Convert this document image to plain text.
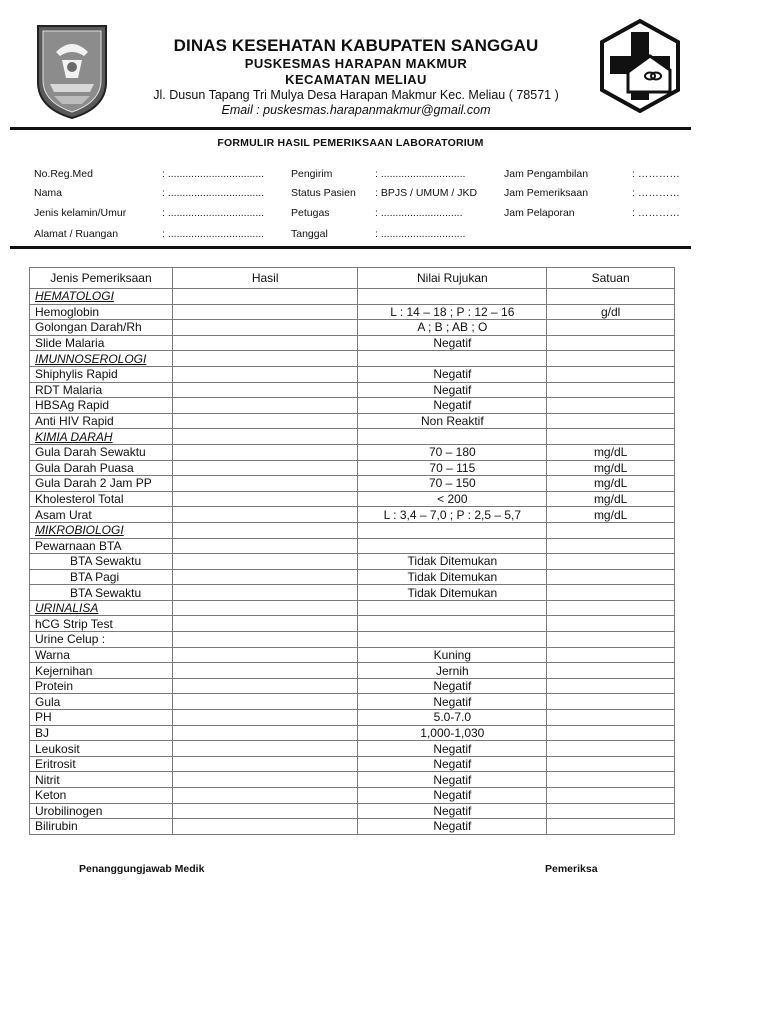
DINAS KESEHATAN KABUPATEN SANGGAU
PUSKESMAS HARAPAN MAKMUR
KECAMATAN MELIAU
Jl. Dusun Tapang Tri Mulya Desa Harapan Makmur Kec. Meliau ( 78571 )
Email : puskesmas.harapanmakmur@gmail.com
FORMULIR HASIL PEMERIKSAAN LABORATORIUM
No.Reg.Med	: .................................	Pengirim	: .............................	Jam Pengambilan	: …………
Nama	: .................................	Status Pasien : BPJS / UMUM / JKD	Jam Pemeriksaan	: …………
Jenis kelamin/Umur	: .................................	Petugas	: ............................	Jam Pelaporan	: …………
Alamat / Ruangan	: .................................	Tanggal	: .............................
Jenis Pemeriksaan	Hasil	Nilai Rujukan	Satuan
HEMATOLOGI			
Hemoglobin		L : 14 – 18 ; P : 12 – 16	g/dl
Golongan Darah/Rh		A ; B ; AB ; O	
Slide Malaria		Negatif	
IMUNNOSEROLOGI			
Shiphylis Rapid		Negatif	
RDT Malaria		Negatif	
HBSAg Rapid		Negatif	
Anti HIV Rapid		Non Reaktif	
KIMIA DARAH			
Gula Darah Sewaktu		70 – 180	mg/dL
Gula Darah Puasa		70 – 115	mg/dL
Gula Darah 2 Jam PP		70 – 150	mg/dL
Kholesterol Total		< 200	mg/dL
Asam Urat		L : 3,4 – 7,0 ; P : 2,5 – 5,7	mg/dL
MIKROBIOLOGI			
Pewarnaan BTA			
BTA Sewaktu		Tidak Ditemukan	
BTA Pagi		Tidak Ditemukan	
BTA Sewaktu		Tidak Ditemukan	
URINALISA			
hCG Strip Test			
Urine Celup :			
Warna		Kuning	
Kejernihan		Jernih	
Protein		Negatif	
Gula		Negatif	
PH		5.0-7.0	
BJ		1,000-1,030	
Leukosit		Negatif	
Eritrosit		Negatif	
Nitrit		Negatif	
Keton		Negatif	
Urobilinogen		Negatif	
Bilirubin		Negatif	
Penanggungjawab Medik	Pemeriksa
